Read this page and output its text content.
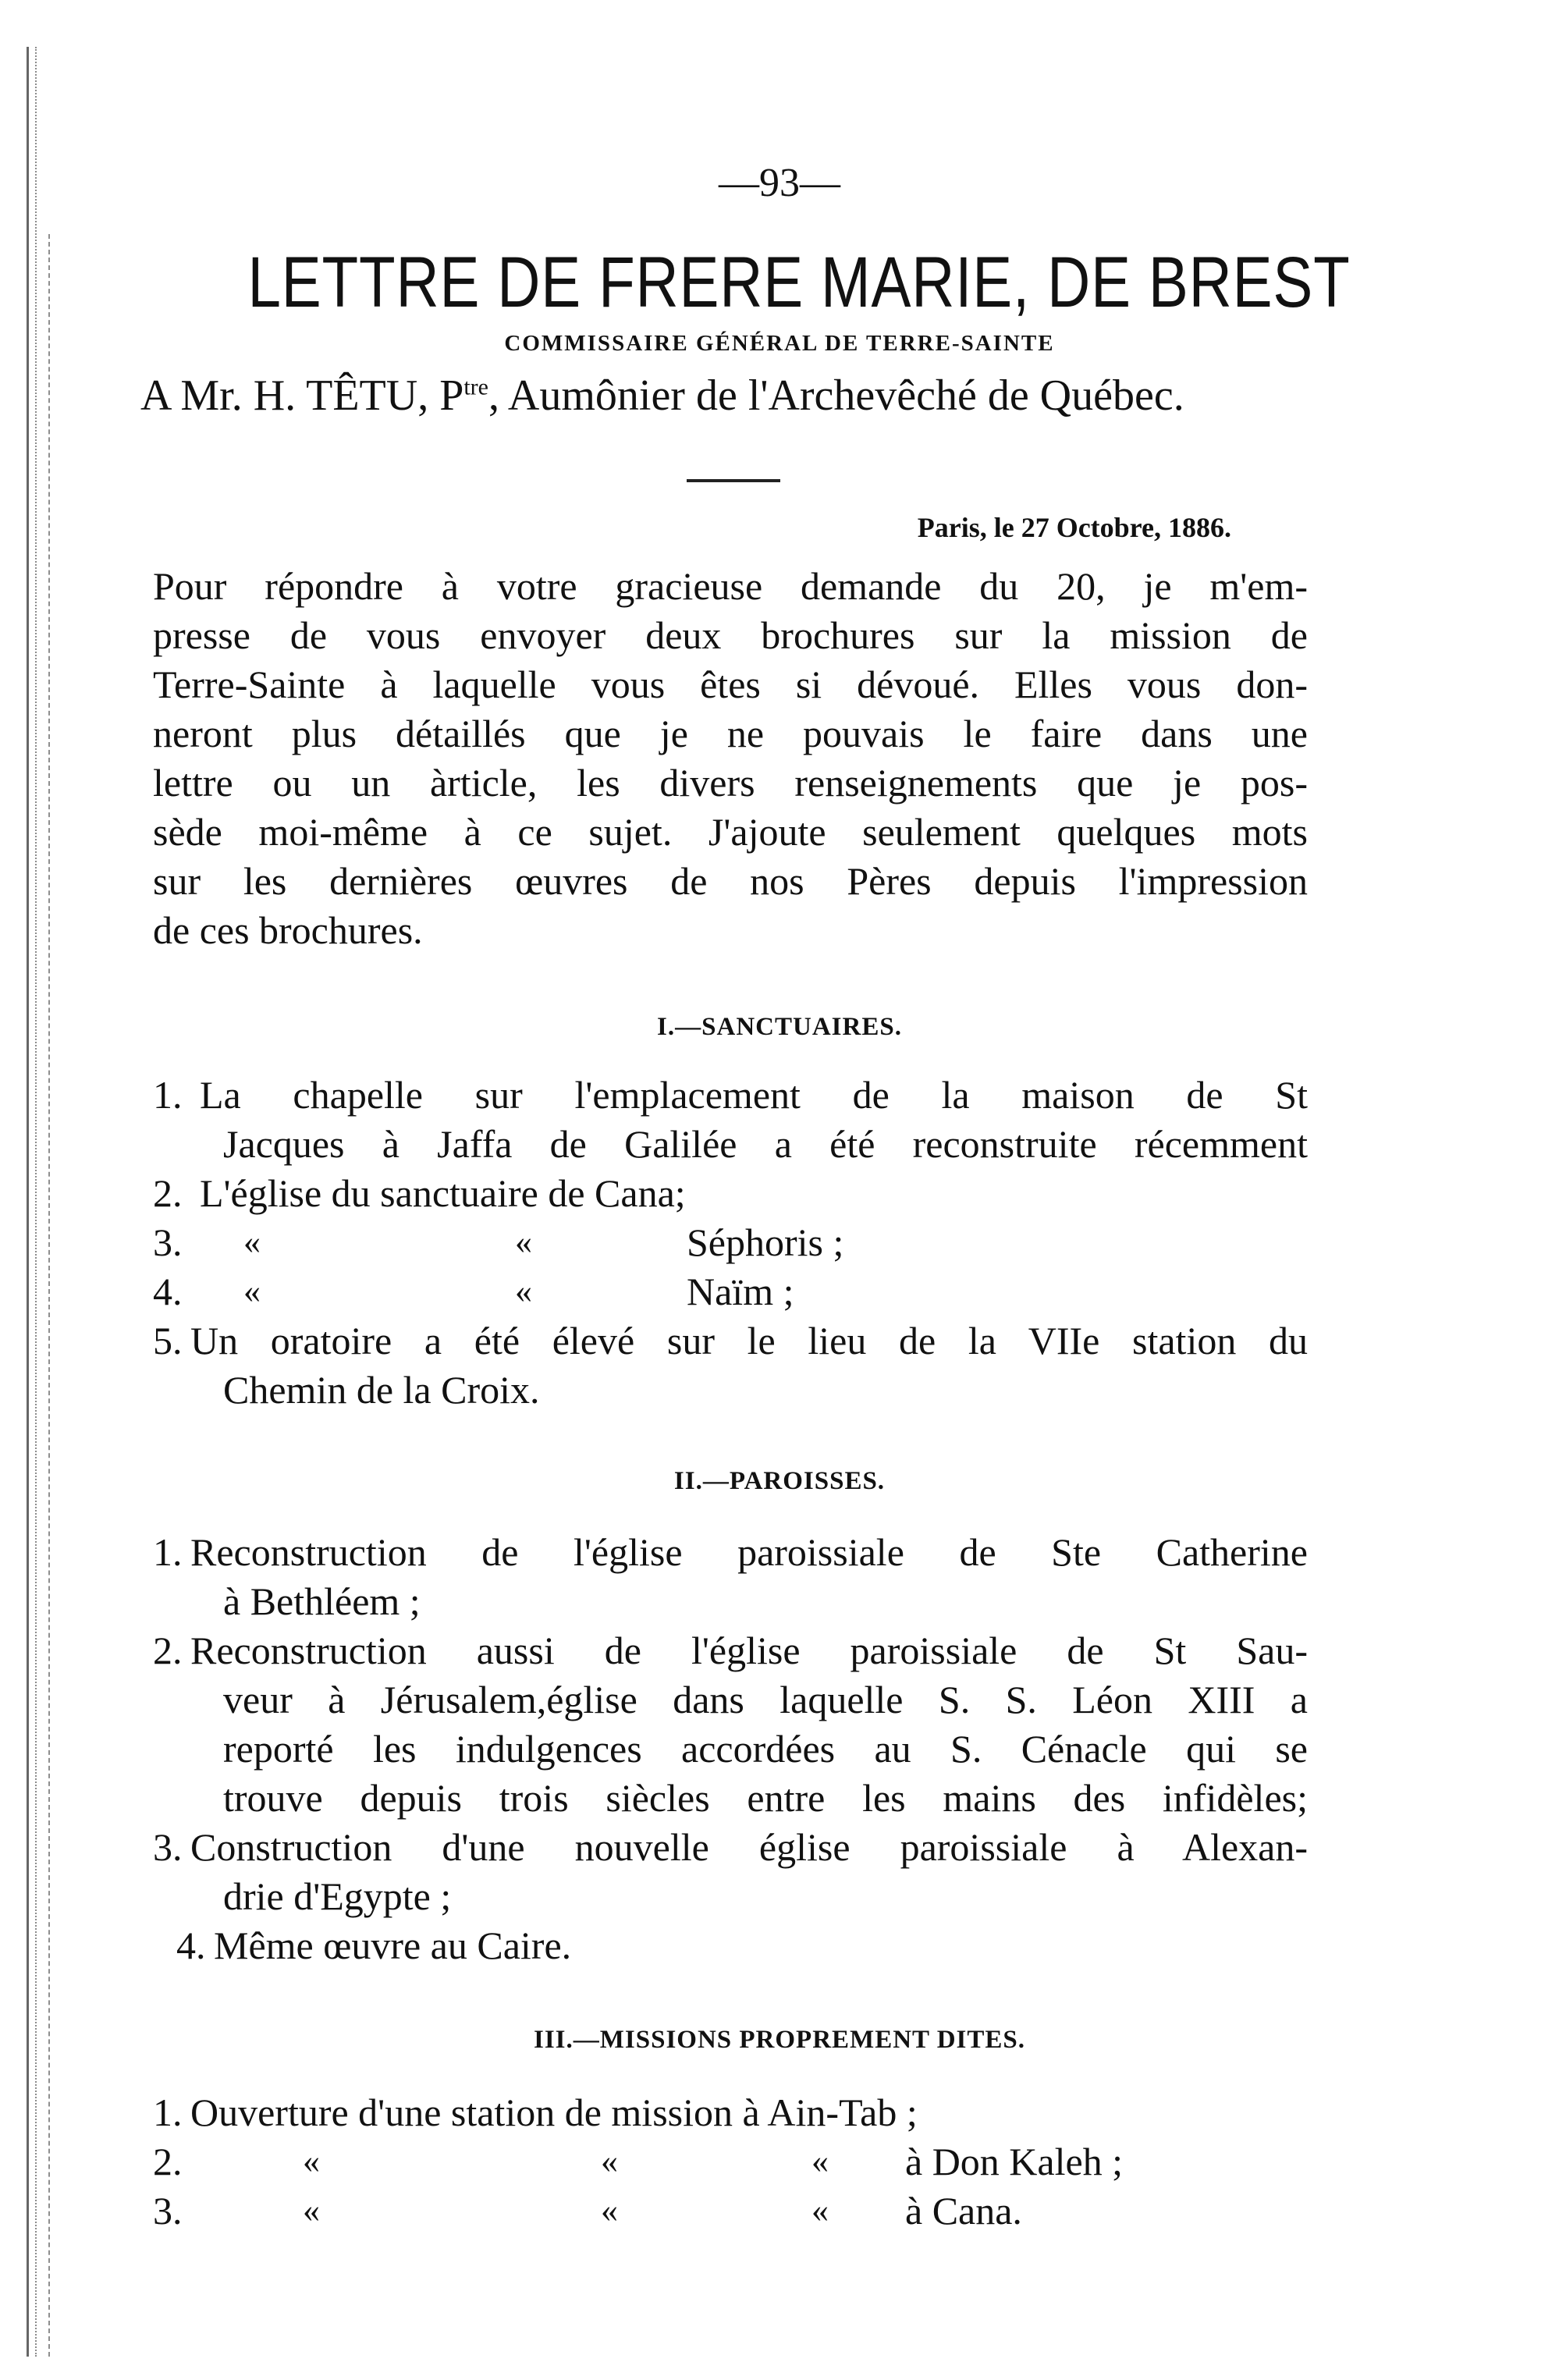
—93—
LETTRE DE FRERE MARIE, DE BREST
COMMISSAIRE GÉNÉRAL DE TERRE-SAINTE
A Mr. H. TÊTU, $P^{tre}$, Aumônier de l'Archevêché de Québec.
Paris, le 27 Octobre, 1886.
Pour répondre à votre gracieuse demande du 20, je m'em-
presse de vous envoyer deux brochures sur la mission de
Terre-Sainte à laquelle vous êtes si dévoué. Elles vous don-
neront plus détaillés que je ne pouvais le faire dans une
lettre ou un àrticle, les divers renseignements que je pos-
sède moi-même à ce sujet. J'ajoute seulement quelques mots
sur les dernières œuvres de nos Pères depuis l'impression
de ces brochures.
I.—SANCTUAIRES.
1. La chapelle sur l'emplacement de la maison de St
Jacques à Jaffa de Galilée a été reconstruite récemment
2. L'église du sanctuaire de Cana;
3. «	«	Séphoris ;
4. «	«	Naïm ;
5. Un oratoire a été élevé sur le lieu de la VIIe station du
Chemin de la Croix.
II.—PAROISSES.
1. Reconstruction de l'église paroissiale de Ste Catherine
à Bethléem ;
2. Reconstruction aussi de l'église paroissiale de St Sau-
veur à Jérusalem,église dans laquelle S. S. Léon XIII a
reporté les indulgences accordées au S. Cénacle qui se
trouve depuis trois siècles entre les mains des infidèles;
3. Construction d'une nouvelle église paroissiale à Alexan-
drie d'Egypte ;
4. Même œuvre au Caire.
III.—MISSIONS PROPREMENT DITES.
1. Ouverture d'une station de mission à Ain-Tab ;
2.	«	«	« à Don Kaleh ;
3.	«	«	« à Cana.
